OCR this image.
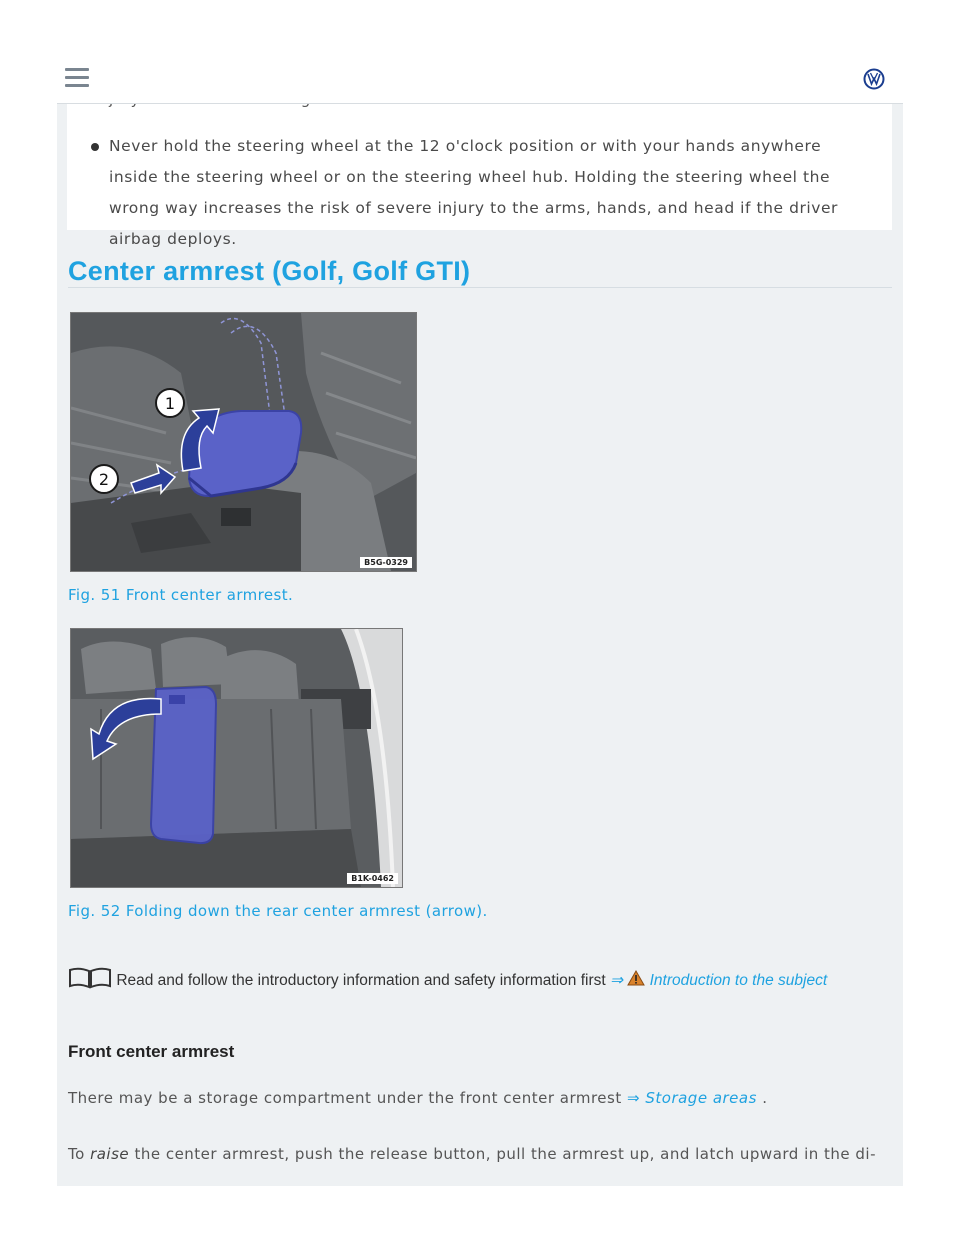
Never hold the steering wheel at the 12 o'clock position or with your hands anywhere inside the steering wheel or on the steering wheel hub. Holding the steering wheel the wrong way increases the risk of severe injury to the arms, hands, and head if the driver airbag deploys.
Center armrest (Golf, Golf GTI)
1
2
B5G-0329
Fig. 51 Front center armrest.
B1K-0462
Fig. 52 Folding down the rear center armrest (arrow).
Read and follow the introductory information and safety information first ⇒ Introduction to the subject
Front center armrest
There may be a storage compartment under the front center armrest ⇒ Storage areas .
To raise the center armrest, push the release button, pull the armrest up, and latch upward in the di-
